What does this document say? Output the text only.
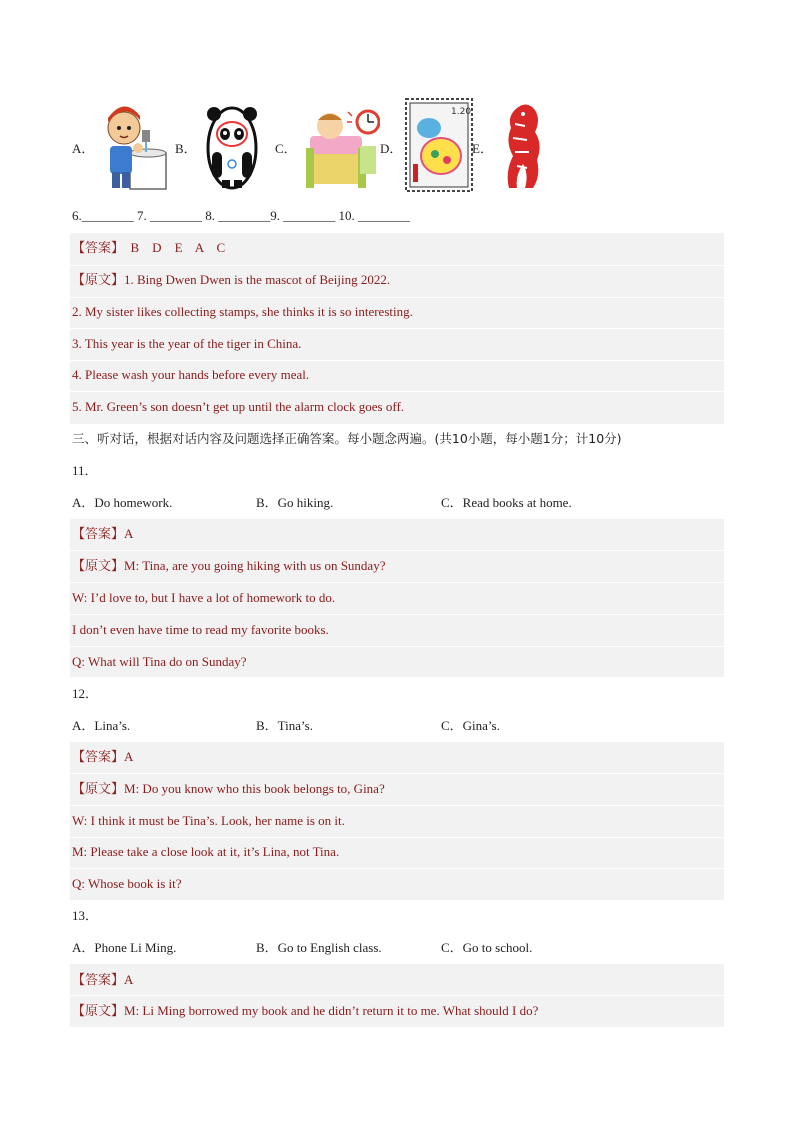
A．	B．	C．	D．
1.20
E．
6.________ 7. ________ 8. ________9. ________ 10. ________
【答案】  B    D    E    A    C
【原文】1. Bing Dwen Dwen is the mascot of Beijing 2022.
2. My sister likes collecting stamps, she thinks it is so interesting.
3. This year is the year of the tiger in China.
4. Please wash your hands before every meal.
5. Mr. Green’s son doesn’t get up until the alarm clock goes off.
三、听对话，根据对话内容及问题选择正确答案。每小题念两遍。(共10小题，每小题1分；计10分)
11．
A．Do homework.	B．Go hiking.	C．Read books at home.
【答案】A
【原文】M: Tina, are you going hiking with us on Sunday?
W: I’d love to, but I have a lot of homework to do.
I don’t even have time to read my favorite books.
Q: What will Tina do on Sunday?
12．
A．Lina’s.	B．Tina’s.	C．Gina’s.
【答案】A
【原文】M: Do you know who this book belongs to, Gina?
W: I think it must be Tina’s. Look, her name is on it.
M: Please take a close look at it, it’s Lina, not Tina.
Q: Whose book is it?
13．
A．Phone Li Ming.	B．Go to English class.	C．Go to school.
【答案】A
【原文】M: Li Ming borrowed my book and he didn’t return it to me. What should I do?
